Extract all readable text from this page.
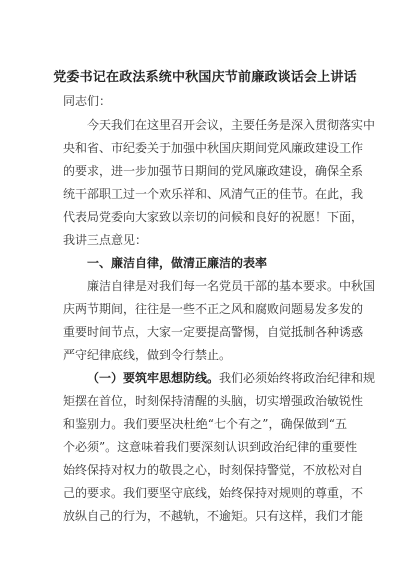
党委书记在政法系统中秋国庆节前廉政谈话会上讲话
同志们：
今天我们在这里召开会议，主要任务是深入贯彻落实中
央和省、市纪委关于加强中秋国庆期间党风廉政建设工作
的要求，进一步加强节日期间的党风廉政建设，确保全系
统干部职工过一个欢乐祥和、风清气正的佳节。在此，我
代表局党委向大家致以亲切的问候和良好的祝愿！下面，
我讲三点意见：
一、廉洁自律，做清正廉洁的表率
廉洁自律是对我们每一名党员干部的基本要求。中秋国
庆两节期间，往往是一些不正之风和腐败问题易发多发的
重要时间节点，大家一定要提高警惕，自觉抵制各种诱惑
严守纪律底线，做到令行禁止。
（一）要筑牢思想防线。我们必须始终将政治纪律和规
矩摆在首位，时刻保持清醒的头脑，切实增强政治敏锐性
和鉴别力。我们要坚决杜绝“七个有之”，确保做到“五
个必须”。这意味着我们要深刻认识到政治纪律的重要性
始终保持对权力的敬畏之心，时刻保持警觉，不放松对自
己的要求。我们要坚守底线，始终保持对规则的尊重，不
放纵自己的行为，不越轨，不逾矩。只有这样，我们才能
